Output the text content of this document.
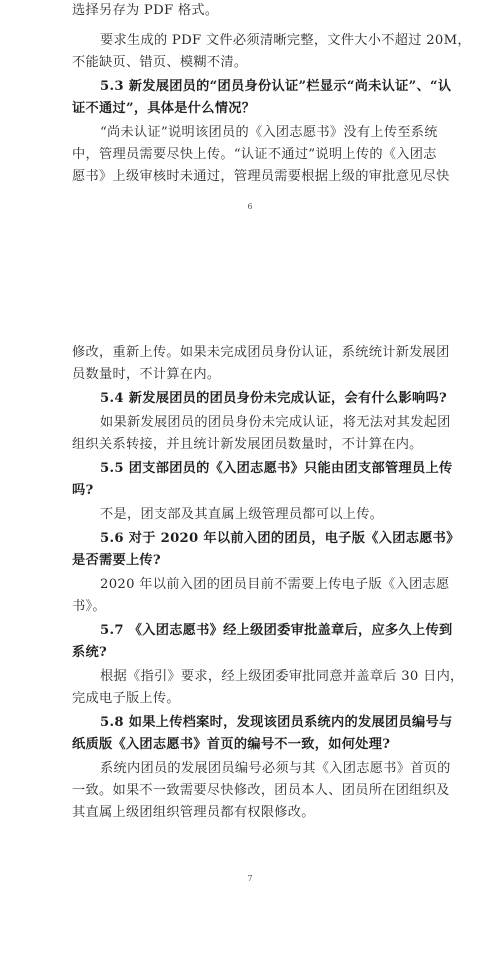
选择另存为 PDF 格式。
要求生成的 PDF 文件必须清晰完整，文件大小不超过 20M，
不能缺页、错页、模糊不清。
5.3 新发展团员的“团员身份认证”栏显示“尚未认证”、“认
证不通过”，具体是什么情况？
“尚未认证”说明该团员的《入团志愿书》没有上传至系统
中，管理员需要尽快上传。“认证不通过”说明上传的《入团志
愿书》上级审核时未通过，管理员需要根据上级的审批意见尽快
6
修改，重新上传。如果未完成团员身份认证，系统统计新发展团
员数量时，不计算在内。
5.4 新发展团员的团员身份未完成认证，会有什么影响吗?
如果新发展团员的团员身份未完成认证，将无法对其发起团
组织关系转接，并且统计新发展团员数量时，不计算在内。
5.5 团支部团员的《入团志愿书》只能由团支部管理员上传
吗?
不是，团支部及其直属上级管理员都可以上传。
5.6 对于 2020 年以前入团的团员，电子版《入团志愿书》
是否需要上传?
2020 年以前入团的团员目前不需要上传电子版《入团志愿
书》。
5.7 《入团志愿书》经上级团委审批盖章后，应多久上传到
系统?
根据《指引》要求，经上级团委审批同意并盖章后 30 日内，
完成电子版上传。
5.8 如果上传档案时，发现该团员系统内的发展团员编号与
纸质版《入团志愿书》首页的编号不一致，如何处理?
系统内团员的发展团员编号必须与其《入团志愿书》首页的
一致。如果不一致需要尽快修改，团员本人、团员所在团组织及
其直属上级团组织管理员都有权限修改。
7
